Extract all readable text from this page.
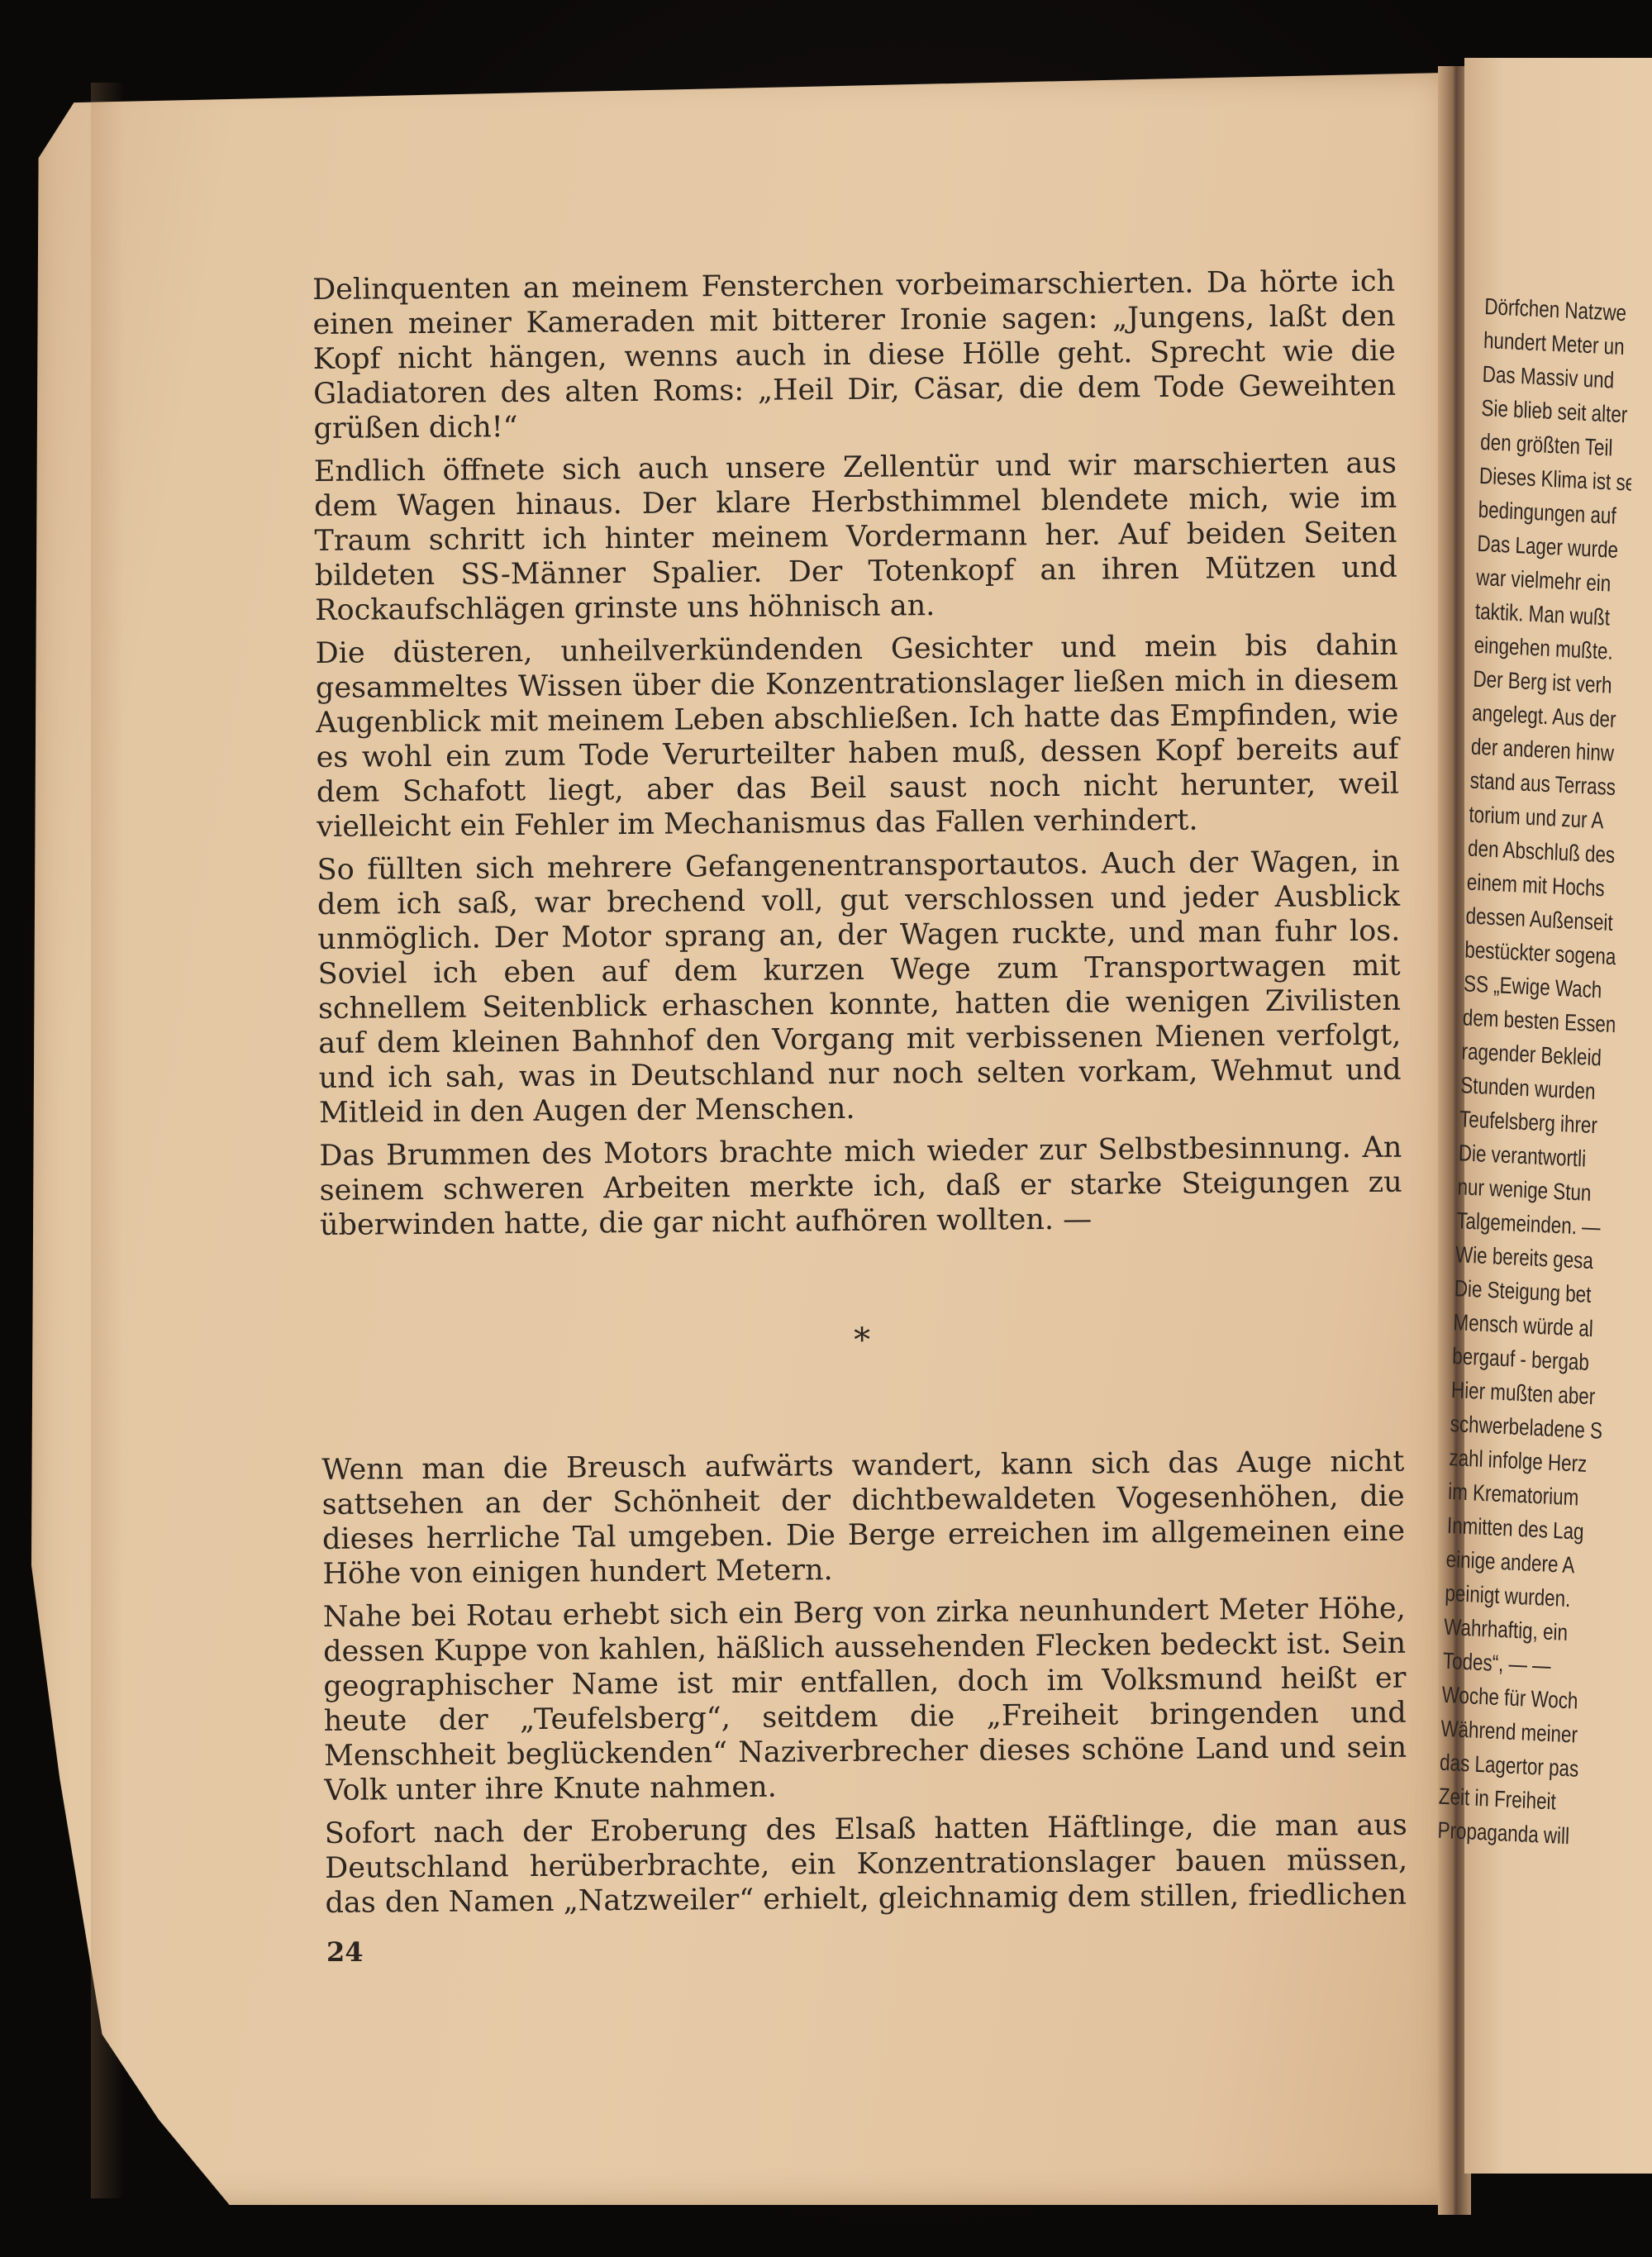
Delinquenten an meinem Fensterchen vorbeimarschierten. Da hörte ich einen meiner Kameraden mit bitterer Ironie sagen: „Jungens, laßt den Kopf nicht hängen, wenns auch in diese Hölle geht. Sprecht wie die Gladiatoren des alten Roms: „Heil Dir, Cäsar, die dem Tode Geweihten grüßen dich!“

Endlich öffnete sich auch unsere Zellentür und wir marschierten aus dem Wagen hinaus. Der klare Herbsthimmel blendete mich, wie im Traum schritt ich hinter meinem Vordermann her. Auf beiden Seiten bildeten SS-Männer Spalier. Der Totenkopf an ihren Mützen und Rockaufschlägen grinste uns höhnisch an.

Die düsteren, unheilverkündenden Gesichter und mein bis dahin gesammeltes Wissen über die Konzentrationslager ließen mich in diesem Augenblick mit meinem Leben abschließen. Ich hatte das Empfinden, wie es wohl ein zum Tode Verurteilter haben muß, dessen Kopf bereits auf dem Schafott liegt, aber das Beil saust noch nicht herunter, weil vielleicht ein Fehler im Mechanismus das Fallen verhindert.

So füllten sich mehrere Gefangenentransportautos. Auch der Wagen, in dem ich saß, war brechend voll, gut verschlossen und jeder Ausblick unmöglich. Der Motor sprang an, der Wagen ruckte, und man fuhr los. Soviel ich eben auf dem kurzen Wege zum Transportwagen mit schnellem Seitenblick erhaschen konnte, hatten die wenigen Zivilisten auf dem kleinen Bahnhof den Vorgang mit verbissenen Mienen verfolgt, und ich sah, was in Deutschland nur noch selten vorkam, Wehmut und Mitleid in den Augen der Menschen.

Das Brummen des Motors brachte mich wieder zur Selbstbesinnung. An seinem schweren Arbeiten merkte ich, daß er starke Steigungen zu überwinden hatte, die gar nicht aufhören wollten. —

*

Wenn man die Breusch aufwärts wandert, kann sich das Auge nicht sattsehen an der Schönheit der dichtbewaldeten Vogesenhöhen, die dieses herrliche Tal umgeben. Die Berge erreichen im allgemeinen eine Höhe von einigen hundert Metern.

Nahe bei Rotau erhebt sich ein Berg von zirka neunhundert Meter Höhe, dessen Kuppe von kahlen, häßlich aussehenden Flecken bedeckt ist. Sein geographischer Name ist mir entfallen, doch im Volksmund heißt er heute der „Teufelsberg“, seitdem die „Freiheit bringenden und Menschheit beglückenden“ Naziverbrecher dieses schöne Land und sein Volk unter ihre Knute nahmen.

Sofort nach der Eroberung des Elsaß hatten Häftlinge, die man aus Deutschland herüberbrachte, ein Konzentrationslager bauen müssen, das den Namen „Natzweiler“ erhielt, gleichnamig dem stillen, friedlichen

24
Dörfchen Natzwe
hundert Meter un
Das Massiv und
Sie blieb seit alter
den größten Teil
Dieses Klima ist se
bedingungen auf
Das Lager wurde
war vielmehr ein
taktik. Man wußt
eingehen mußte.
Der Berg ist verh
angelegt. Aus der
der anderen hinw
stand aus Terrass
torium und zur A
den Abschluß des
einem mit Hochs
dessen Außenseit
bestückter sogena
SS „Ewige Wach
dem besten Essen
ragender Bekleid
Stunden wurden
Teufelsberg ihrer
Die verantwortli
nur wenige Stun
Talgemeinden. —
Wie bereits gesa
Die Steigung bet
Mensch würde al
bergauf - bergab
Hier mußten aber
schwerbeladene S
zahl infolge Herz
im Krematorium
Inmitten des Lag
einige andere A
peinigt wurden.
Wahrhaftig, ein
Todes“, — —
Woche für Woch
Während meiner
das Lagertor pas
Zeit in Freiheit
Propaganda will
